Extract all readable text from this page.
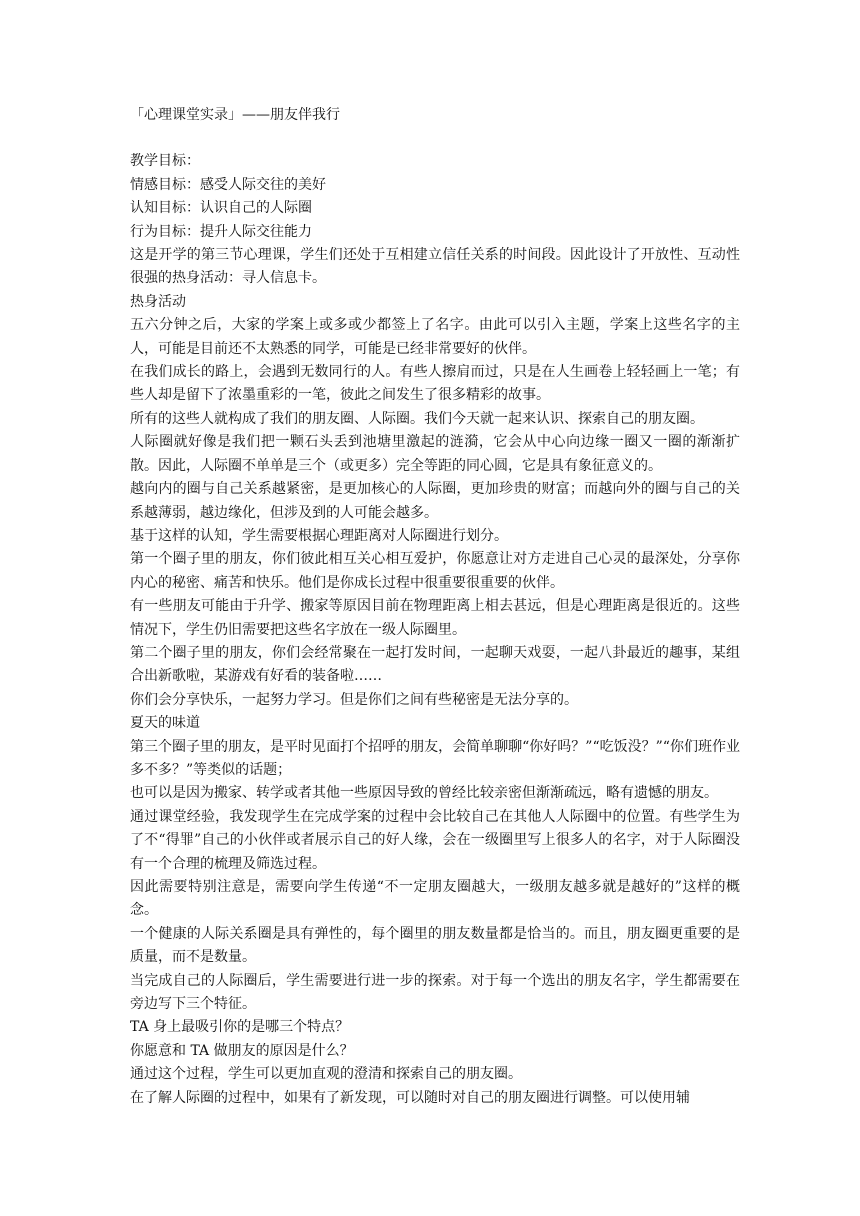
「心理课堂实录」——朋友伴我行

教学目标：

情感目标：感受人际交往的美好

认知目标：认识自己的人际圈

行为目标：提升人际交往能力

这是开学的第三节心理课，学生们还处于互相建立信任关系的时间段。因此设计了开放性、互动性很强的热身活动：寻人信息卡。

热身活动

五六分钟之后，大家的学案上或多或少都签上了名字。由此可以引入主题，学案上这些名字的主人，可能是目前还不太熟悉的同学，可能是已经非常要好的伙伴。

在我们成长的路上，会遇到无数同行的人。有些人擦肩而过，只是在人生画卷上轻轻画上一笔；有些人却是留下了浓墨重彩的一笔，彼此之间发生了很多精彩的故事。

所有的这些人就构成了我们的朋友圈、人际圈。我们今天就一起来认识、探索自己的朋友圈。

人际圈就好像是我们把一颗石头丢到池塘里激起的涟漪，它会从中心向边缘一圈又一圈的渐渐扩散。因此，人际圈不单单是三个（或更多）完全等距的同心圆，它是具有象征意义的。

越向内的圈与自己关系越紧密，是更加核心的人际圈，更加珍贵的财富；而越向外的圈与自己的关系越薄弱，越边缘化，但涉及到的人可能会越多。

基于这样的认知，学生需要根据心理距离对人际圈进行划分。

第一个圈子里的朋友，你们彼此相互关心相互爱护，你愿意让对方走进自己心灵的最深处，分享你内心的秘密、痛苦和快乐。他们是你成长过程中很重要很重要的伙伴。

有一些朋友可能由于升学、搬家等原因目前在物理距离上相去甚远，但是心理距离是很近的。这些情况下，学生仍旧需要把这些名字放在一级人际圈里。

第二个圈子里的朋友，你们会经常聚在一起打发时间，一起聊天戏耍，一起八卦最近的趣事，某组合出新歌啦，某游戏有好看的装备啦……

你们会分享快乐，一起努力学习。但是你们之间有些秘密是无法分享的。

夏天的味道

第三个圈子里的朋友，是平时见面打个招呼的朋友，会简单聊聊“你好吗？”“吃饭没？”“你们班作业多不多？”等类似的话题；

也可以是因为搬家、转学或者其他一些原因导致的曾经比较亲密但渐渐疏远，略有遗憾的朋友。

通过课堂经验，我发现学生在完成学案的过程中会比较自己在其他人人际圈中的位置。有些学生为了不“得罪”自己的小伙伴或者展示自己的好人缘，会在一级圈里写上很多人的名字，对于人际圈没有一个合理的梳理及筛选过程。

因此需要特别注意是，需要向学生传递“不一定朋友圈越大，一级朋友越多就是越好的”这样的概念。

一个健康的人际关系圈是具有弹性的，每个圈里的朋友数量都是恰当的。而且，朋友圈更重要的是质量，而不是数量。

当完成自己的人际圈后，学生需要进行进一步的探索。对于每一个选出的朋友名字，学生都需要在旁边写下三个特征。

TA 身上最吸引你的是哪三个特点？

你愿意和 TA 做朋友的原因是什么？

通过这个过程，学生可以更加直观的澄清和探索自己的朋友圈。

在了解人际圈的过程中，如果有了新发现，可以随时对自己的朋友圈进行调整。可以使用辅
